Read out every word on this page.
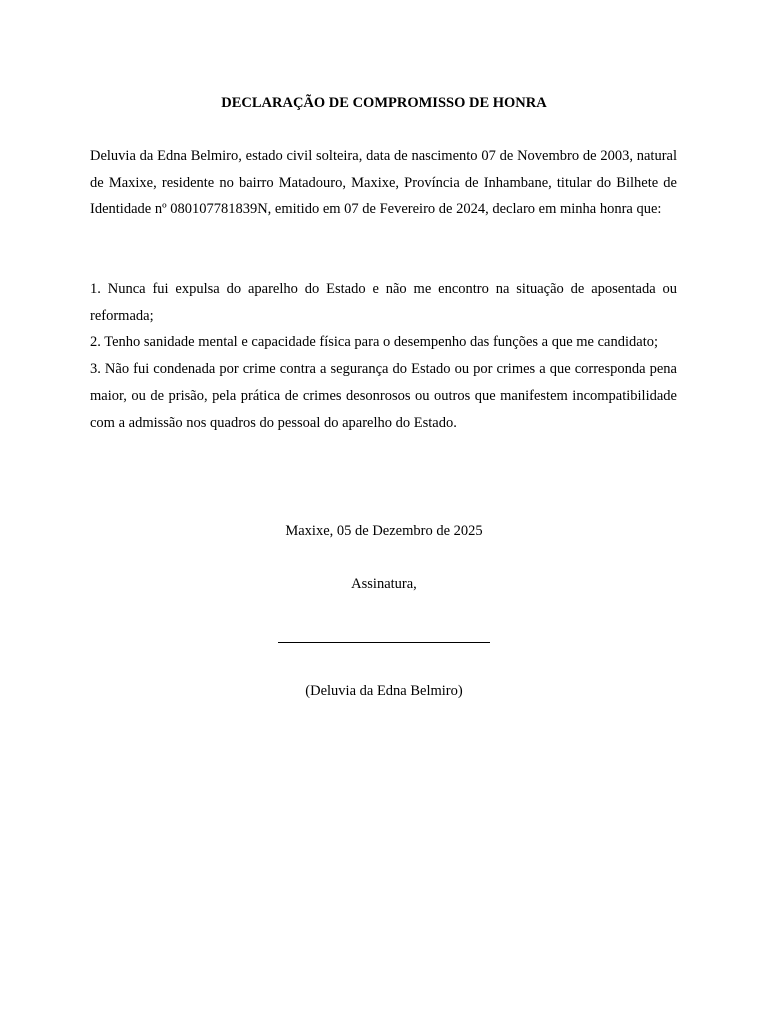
DECLARAÇÃO DE COMPROMISSO DE HONRA
Deluvia da Edna Belmiro, estado civil solteira, data de nascimento 07 de Novembro de 2003, natural de Maxixe, residente no bairro Matadouro, Maxixe, Província de Inhambane, titular do Bilhete de Identidade nº 080107781839N, emitido em 07 de Fevereiro de 2024, declaro em minha honra que:

1. Nunca fui expulsa do aparelho do Estado e não me encontro na situação de aposentada ou reformada;

2. Tenho sanidade mental e capacidade física para o desempenho das funções a que me candidato;

3. Não fui condenada por crime contra a segurança do Estado ou por crimes a que corresponda pena maior, ou de prisão, pela prática de crimes desonrosos ou outros que manifestem incompatibilidade com a admissão nos quadros do pessoal do aparelho do Estado.

Maxixe, 05 de Dezembro de 2025
Assinatura,
(Deluvia da Edna Belmiro)
